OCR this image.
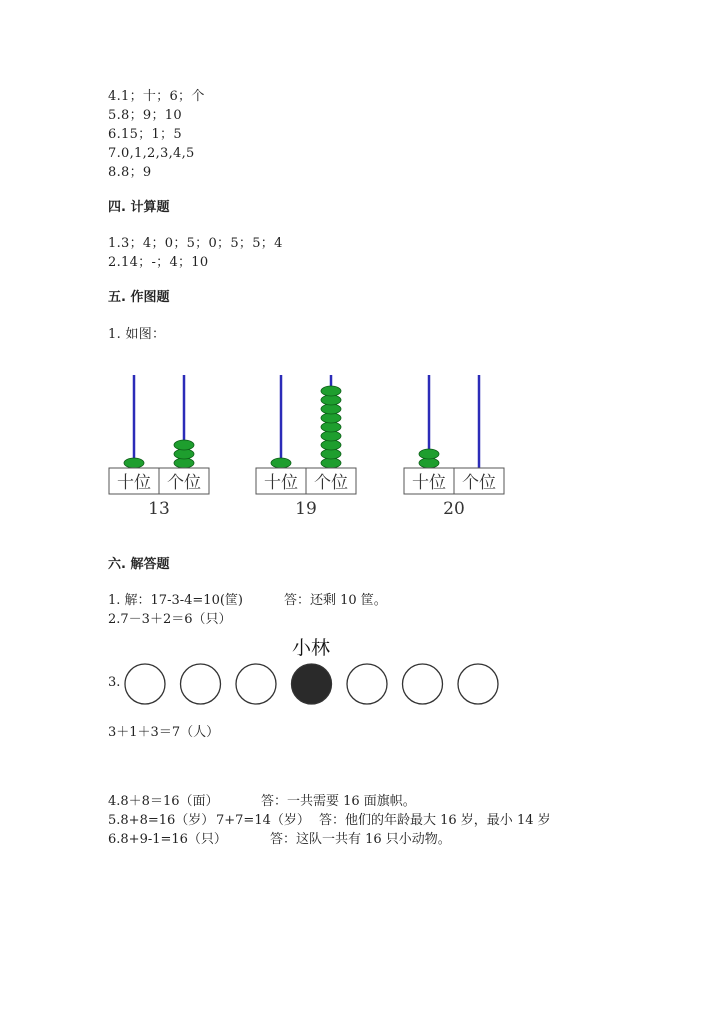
4.1；十；6；个
5.8；9；10
6.15；1；5
7.0,1,2,3,4,5
8.8；9
四. 计算题
1.3；4；0；5；0；5；5；4
2.14；-；4；10
五. 作图题
1. 如图：
十位 个位
13
十位 个位
19
十位 个位
20
小林
六. 解答题
1. 解：17-3-4=10(筐)	答：还剩 10 筐。
2.7－3＋2＝6（只）
3.
3＋1＋3＝7（人）
4.8＋8＝16（面）	答：一共需要 16 面旗帜。
5.8+8=16（岁） 7+7=14（岁） 答：他们的年龄最大 16 岁，最小 14 岁
6.8+9-1=16（只）	答：这队一共有 16 只小动物。
